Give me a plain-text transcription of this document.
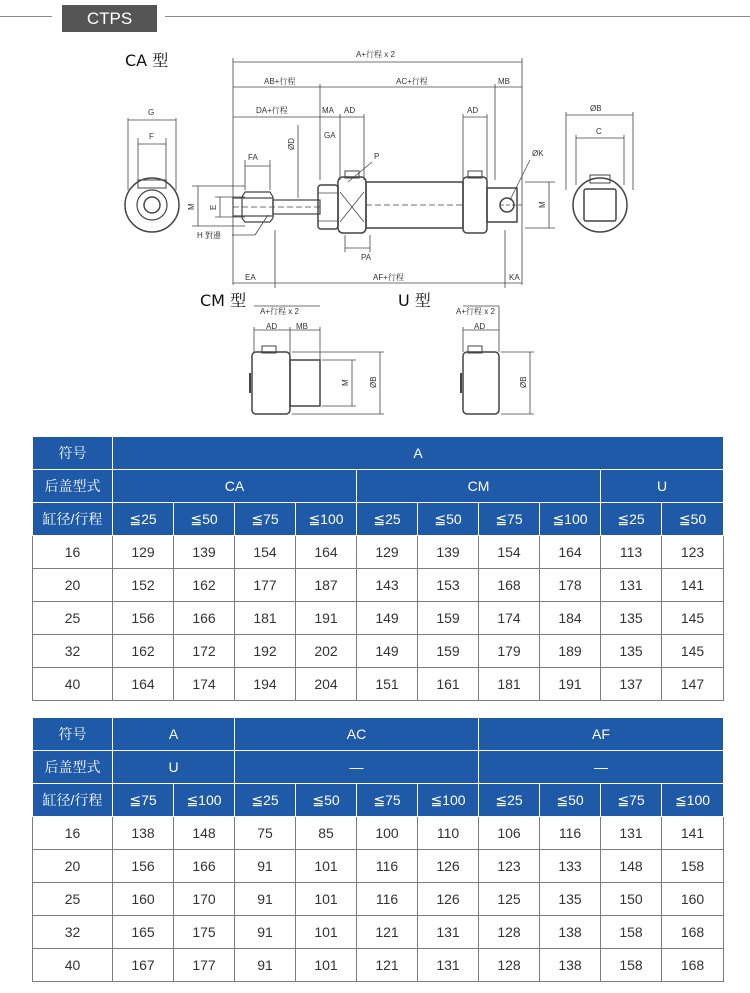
CTPS
CA 型
CM 型	U 型
A+行程 x 2
AB+行程	AC+行程	MB
DA+行程	MA AD	AD
G
F
ØB
C
ØD
GA
FA	P	ØK
M E	M
H 對邊
PA
EA	AF+行程	KA
A+行程 x 2
AD MB
M ØB
A+行程 x 2
AD
ØB
符号	A									
后盖型式	CA				CM				U	
缸径/行程	≦25	≦50	≦75	≦100	≦25	≦50	≦75	≦100	≦25	≦50
16	129	139	154	164	129	139	154	164	113	123
20	152	162	177	187	143	153	168	178	131	141
25	156	166	181	191	149	159	174	184	135	145
32	162	172	192	202	149	159	179	189	135	145
40	164	174	194	204	151	161	181	191	137	147
符号	A		AC				AF			
后盖型式	U		—				—			
缸径/行程	≦75	≦100	≦25	≦50	≦75	≦100	≦25	≦50	≦75	≦100
16	138	148	75	85	100	110	106	116	131	141
20	156	166	91	101	116	126	123	133	148	158
25	160	170	91	101	116	126	125	135	150	160
32	165	175	91	101	121	131	128	138	158	168
40	167	177	91	101	121	131	128	138	158	168
